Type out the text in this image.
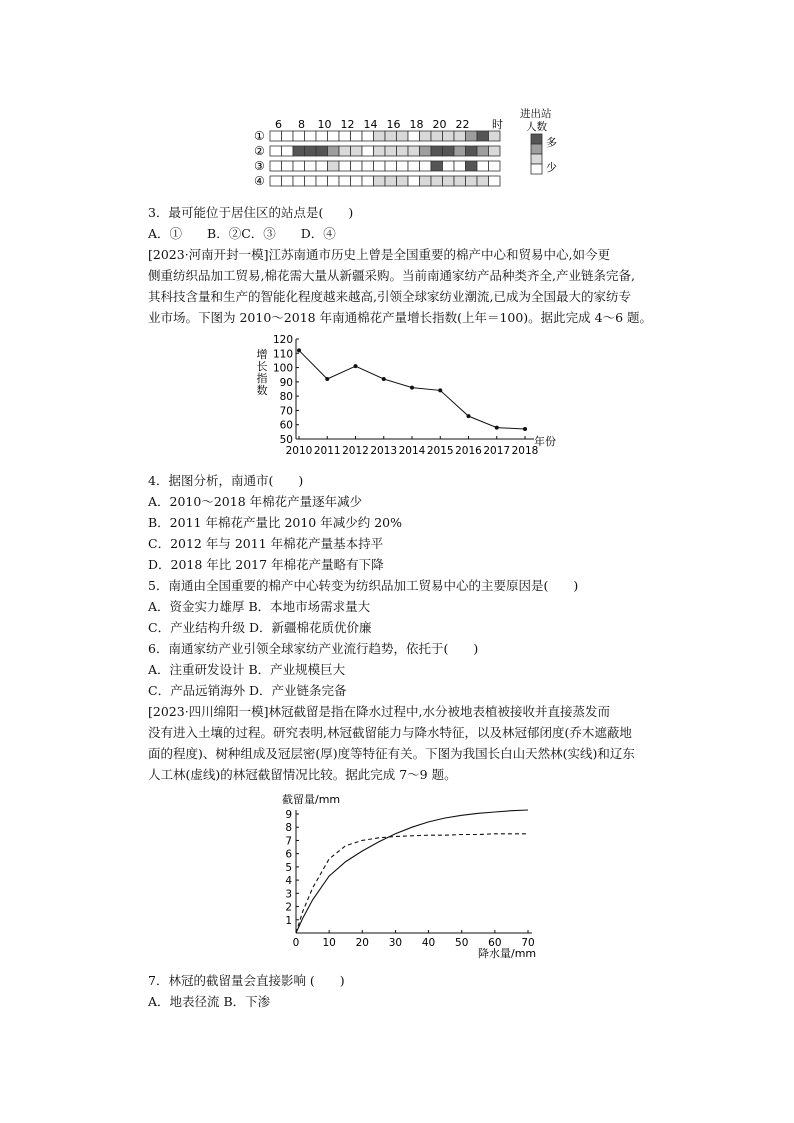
6 8 10 12 14 16 18 20 22 时
①
②
③
④
进出站
人数
多
少
3．最可能位于居住区的站点是(　　)
A．①　　B．②C．③　　D．④
[2023·河南开封一模]江苏南通市历史上曾是全国重要的棉产中心和贸易中心,如今更
侧重纺织品加工贸易,棉花需大量从新疆采购。当前南通家纺产品种类齐全,产业链条完备,
其科技含量和生产的智能化程度越来越高,引领全球家纺业潮流,已成为全国最大的家纺专
业市场。下图为 2010～2018 年南通棉花产量增长指数(上年＝100)。据此完成 4～6 题。
50
60
70
80
90
100
110
120
2010 2011 2012 2013 2014 2015 2016 2017 2018
增
长
指
数
年份
4．据图分析，南通市(　　)
A．2010～2018 年棉花产量逐年减少
B．2011 年棉花产量比 2010 年减少约 20%
C．2012 年与 2011 年棉花产量基本持平
D．2018 年比 2017 年棉花产量略有下降
5．南通由全国重要的棉产中心转变为纺织品加工贸易中心的主要原因是(　　)
A．资金实力雄厚 B．本地市场需求量大
C．产业结构升级 D．新疆棉花质优价廉
6．南通家纺产业引领全球家纺产业流行趋势，依托于(　　)
A．注重研发设计 B．产业规模巨大
C．产品远销海外 D．产业链条完备
[2023·四川绵阳一模]林冠截留是指在降水过程中,水分被地表植被接收并直接蒸发而
没有进入土壤的过程。研究表明,林冠截留能力与降水特征，以及林冠郁闭度(乔木遮蔽地
面的程度)、树种组成及冠层密(厚)度等特征有关。下图为我国长白山天然林(实线)和辽东
人工林(虚线)的林冠截留情况比较。据此完成 7～9 题。
截留量/mm
降水量/mm
1
2
3
4
5
6
7
8
9
0 10 20 30 40 50 60 70
7．林冠的截留量会直接影响 (　　)
A．地表径流 B．下渗
